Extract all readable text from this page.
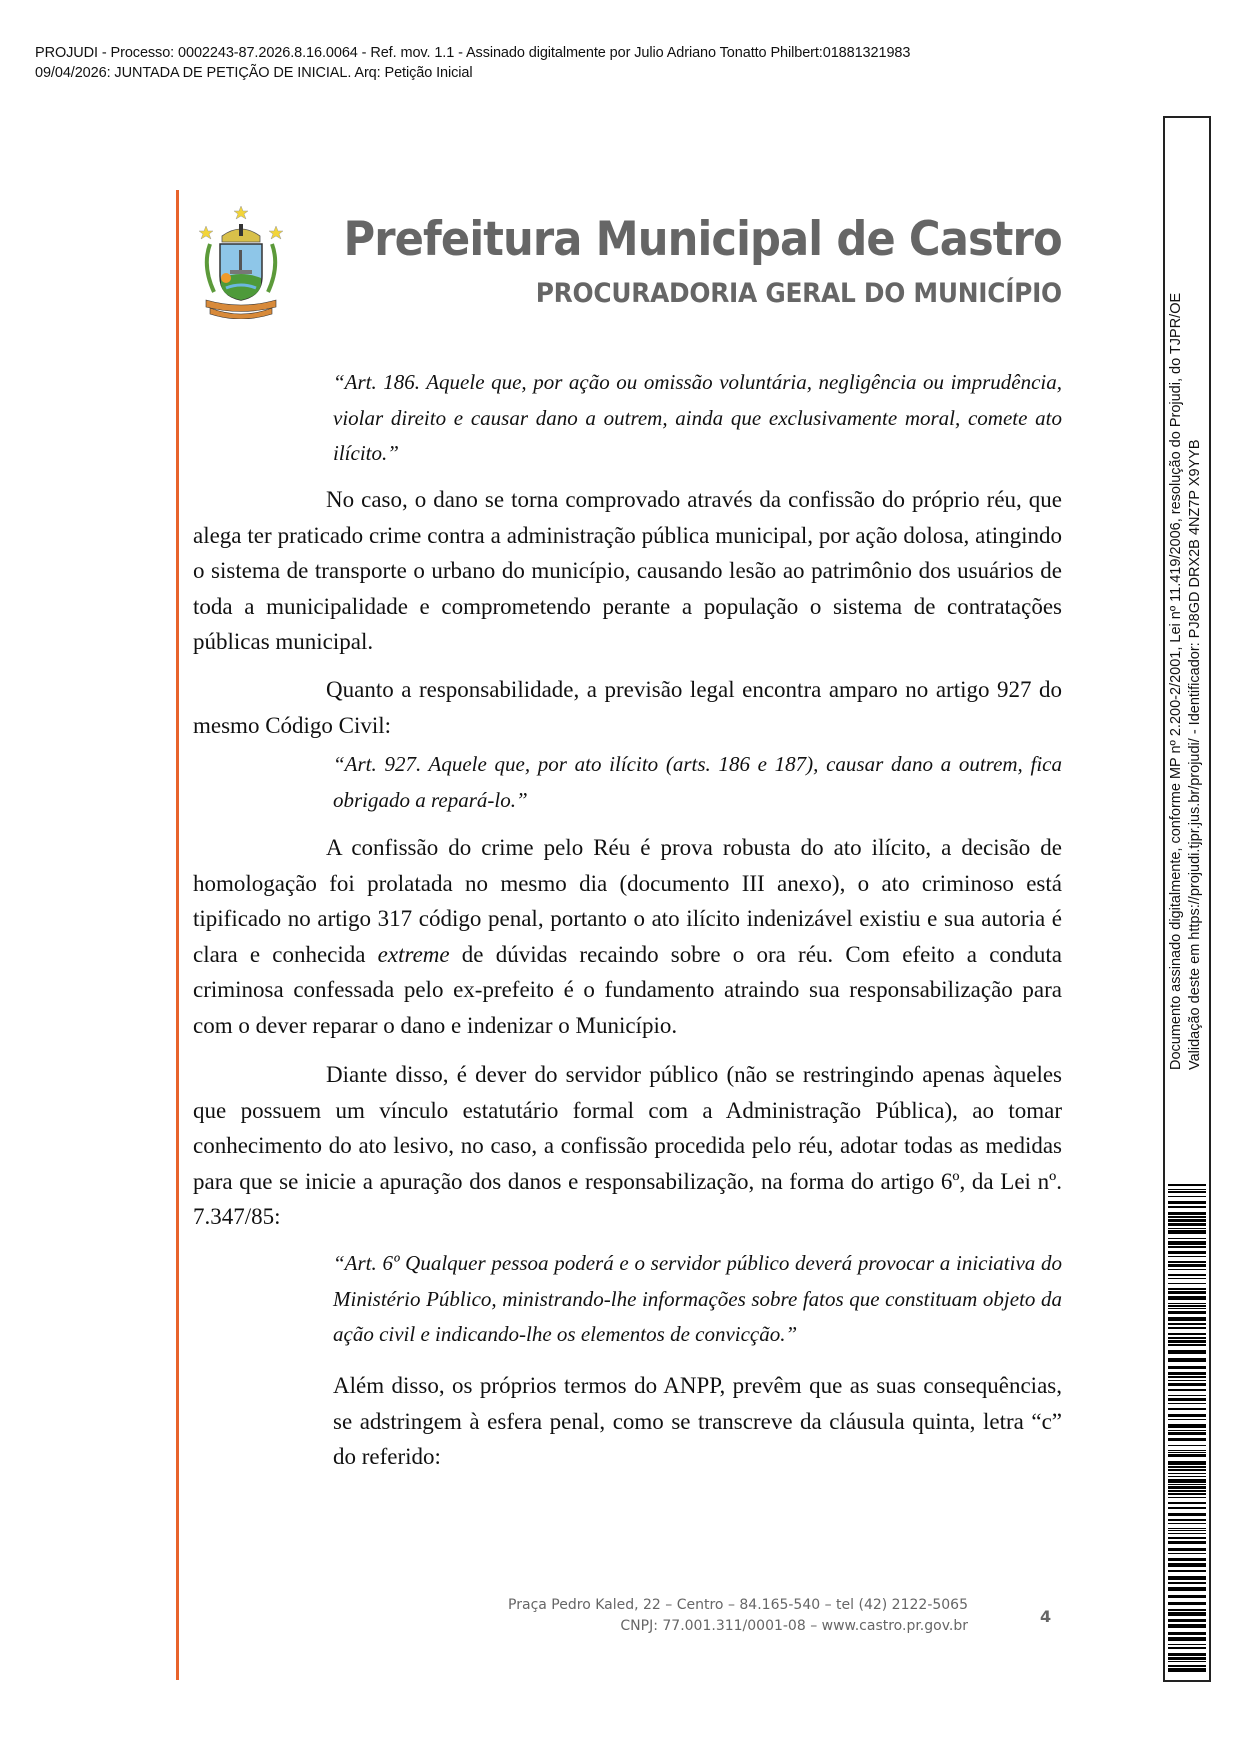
PROJUDI - Processo: 0002243-87.2026.8.16.0064 - Ref. mov. 1.1 - Assinado digitalmente por Julio Adriano Tonatto Philbert:01881321983
09/04/2026: JUNTADA DE PETIÇÃO DE INICIAL. Arq: Petição Inicial
Prefeitura Municipal de Castro
PROCURADORIA GERAL DO MUNICÍPIO
“Art. 186. Aquele que, por ação ou omissão voluntária, negligência ou imprudência, violar direito e causar dano a outrem, ainda que exclusivamente moral, comete ato ilícito.”
No caso, o dano se torna comprovado através da confissão do próprio réu, que alega ter praticado crime contra a administração pública municipal, por ação dolosa, atingindo o sistema de transporte o urbano do município, causando lesão ao patrimônio dos usuários de toda a municipalidade e comprometendo perante a população o sistema de contratações públicas municipal.
Quanto a responsabilidade, a previsão legal encontra amparo no artigo 927 do mesmo Código Civil:
“Art. 927. Aquele que, por ato ilícito (arts. 186 e 187), causar dano a outrem, fica obrigado a repará-lo.”
A confissão do crime pelo Réu é prova robusta do ato ilícito, a decisão de homologação foi prolatada no mesmo dia (documento III anexo), o ato criminoso está tipificado no artigo 317 código penal, portanto o ato ilícito indenizável existiu e sua autoria é clara e conhecida extreme de dúvidas recaindo sobre o ora réu. Com efeito a conduta criminosa confessada pelo ex-prefeito é o fundamento atraindo sua responsabilização para com o dever reparar o dano e indenizar o Município.
Diante disso, é dever do servidor público (não se restringindo apenas àqueles que possuem um vínculo estatutário formal com a Administração Pública), ao tomar conhecimento do ato lesivo, no caso, a confissão procedida pelo réu, adotar todas as medidas para que se inicie a apuração dos danos e responsabilização, na forma do artigo 6º, da Lei nº. 7.347/85:
“Art. 6º Qualquer pessoa poderá e o servidor público deverá provocar a iniciativa do Ministério Público, ministrando-lhe informações sobre fatos que constituam objeto da ação civil e indicando-lhe os elementos de convicção.”
Além disso, os próprios termos do ANPP, prevêm que as suas consequências, se adstringem à esfera penal, como se transcreve da cláusula quinta, letra “c” do referido:
Praça Pedro Kaled, 22 – Centro – 84.165-540 – tel (42) 2122-5065
CNPJ: 77.001.311/0001-08 – www.castro.pr.gov.br	4
Documento assinado digitalmente, conforme MP nº 2.200-2/2001, Lei nº 11.419/2006, resolução do Projudi, do TJPR/OE Validação deste em https://projudi.tjpr.jus.br/projudi/ - Identificador: PJ8GD DRX2B 4NZ7P X9YYB
